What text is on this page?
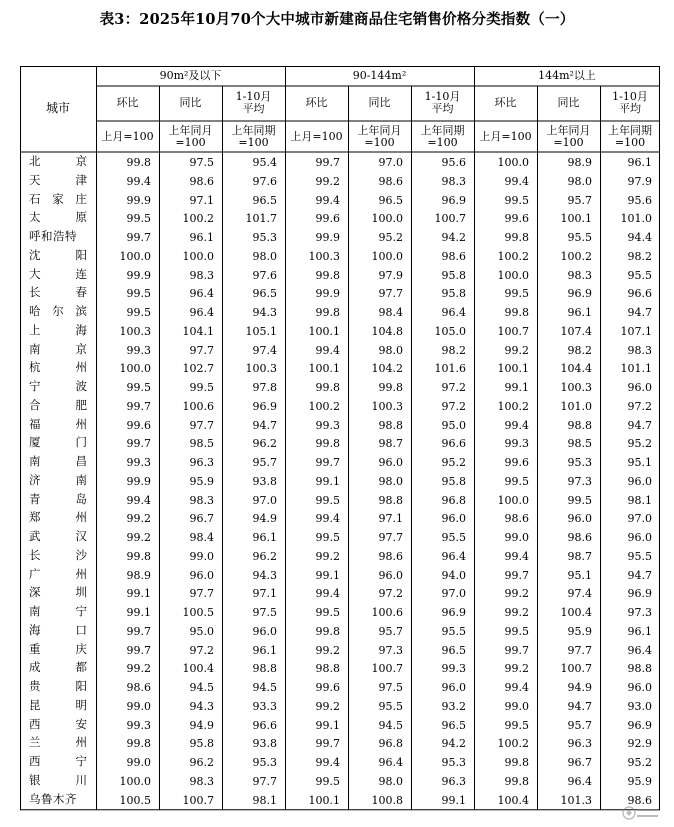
表3：2025年10月70个大中城市新建商品住宅销售价格分类指数（一）
城市
90m²及以下	90-144m²	144m²以上
环比
上月=100
同比
上年同月
=100
1-10月
平均
上年同期
=100
环比
上月=100
同比
上年同月
=100
1-10月
平均
上年同期
=100
环比
上月=100
同比
上年同月
=100
1-10月
平均
上年同期
=100
北	京	99.8	97.5	95.4	99.7	97.0	95.6	100.0	98.9	96.1
天	津	99.4	98.6	97.6	99.2	98.6	98.3	99.4	98.0	97.9
石 家 庄	99.9	97.1	96.5	99.4	96.5	96.9	99.5	95.7	95.6
太	原	99.5	100.2	101.7	99.6	100.0	100.7	99.6	100.1	101.0
呼和浩特	99.7	96.1	95.3	99.9	95.2	94.2	99.8	95.5	94.4
沈	阳	100.0	100.0	98.0	100.3	100.0	98.6	100.2	100.2	98.2
大	连	99.9	98.3	97.6	99.8	97.9	95.8	100.0	98.3	95.5
长	春	99.5	96.4	96.5	99.9	97.7	95.8	99.5	96.9	96.6
哈 尔 滨	99.5	96.4	94.3	99.8	98.4	96.4	99.8	96.1	94.7
上	海	100.3	104.1	105.1	100.1	104.8	105.0	100.7	107.4	107.1
南	京	99.3	97.7	97.4	99.4	98.0	98.2	99.2	98.2	98.3
杭	州	100.0	102.7	100.3	100.1	104.2	101.6	100.1	104.4	101.1
宁	波	99.5	99.5	97.8	99.8	99.8	97.2	99.1	100.3	96.0
合	肥	99.7	100.6	96.9	100.2	100.3	97.2	100.2	101.0	97.2
福	州	99.6	97.7	94.7	99.3	98.8	95.0	99.4	98.8	94.7
厦	门	99.7	98.5	96.2	99.8	98.7	96.6	99.3	98.5	95.2
南	昌	99.3	96.3	95.7	99.7	96.0	95.2	99.6	95.3	95.1
济	南	99.9	95.9	93.8	99.1	98.0	95.8	99.5	97.3	96.0
青	岛	99.4	98.3	97.0	99.5	98.8	96.8	100.0	99.5	98.1
郑	州	99.2	96.7	94.9	99.4	97.1	96.0	98.6	96.0	97.0
武	汉	99.2	98.4	96.1	99.5	97.7	95.5	99.0	98.6	96.0
长	沙	99.8	99.0	96.2	99.2	98.6	96.4	99.4	98.7	95.5
广	州	98.9	96.0	94.3	99.1	96.0	94.0	99.7	95.1	94.7
深	圳	99.1	97.7	97.1	99.4	97.2	97.0	99.2	97.4	96.9
南	宁	99.1	100.5	97.5	99.5	100.6	96.9	99.2	100.4	97.3
海	口	99.7	95.0	96.0	99.8	95.7	95.5	99.5	95.9	96.1
重	庆	99.7	97.2	96.1	99.2	97.3	96.5	99.7	97.7	96.4
成	都	99.2	100.4	98.8	98.8	100.7	99.3	99.2	100.7	98.8
贵	阳	98.6	94.5	94.5	99.6	97.5	96.0	99.4	94.9	96.0
昆	明	99.0	94.3	93.3	99.2	95.5	93.2	99.0	94.7	93.0
西	安	99.3	94.9	96.6	99.1	94.5	96.5	99.5	95.7	96.9
兰	州	99.8	95.8	93.8	99.7	96.8	94.2	100.2	96.3	92.9
西	宁	99.0	96.2	95.3	99.4	96.4	95.3	99.8	96.7	95.2
银	川	100.0	98.3	97.7	99.5	98.0	96.3	99.8	96.4	95.9
乌鲁木齐	100.5	100.7	98.1	100.1	100.8	99.1	100.4	101.3	98.6
